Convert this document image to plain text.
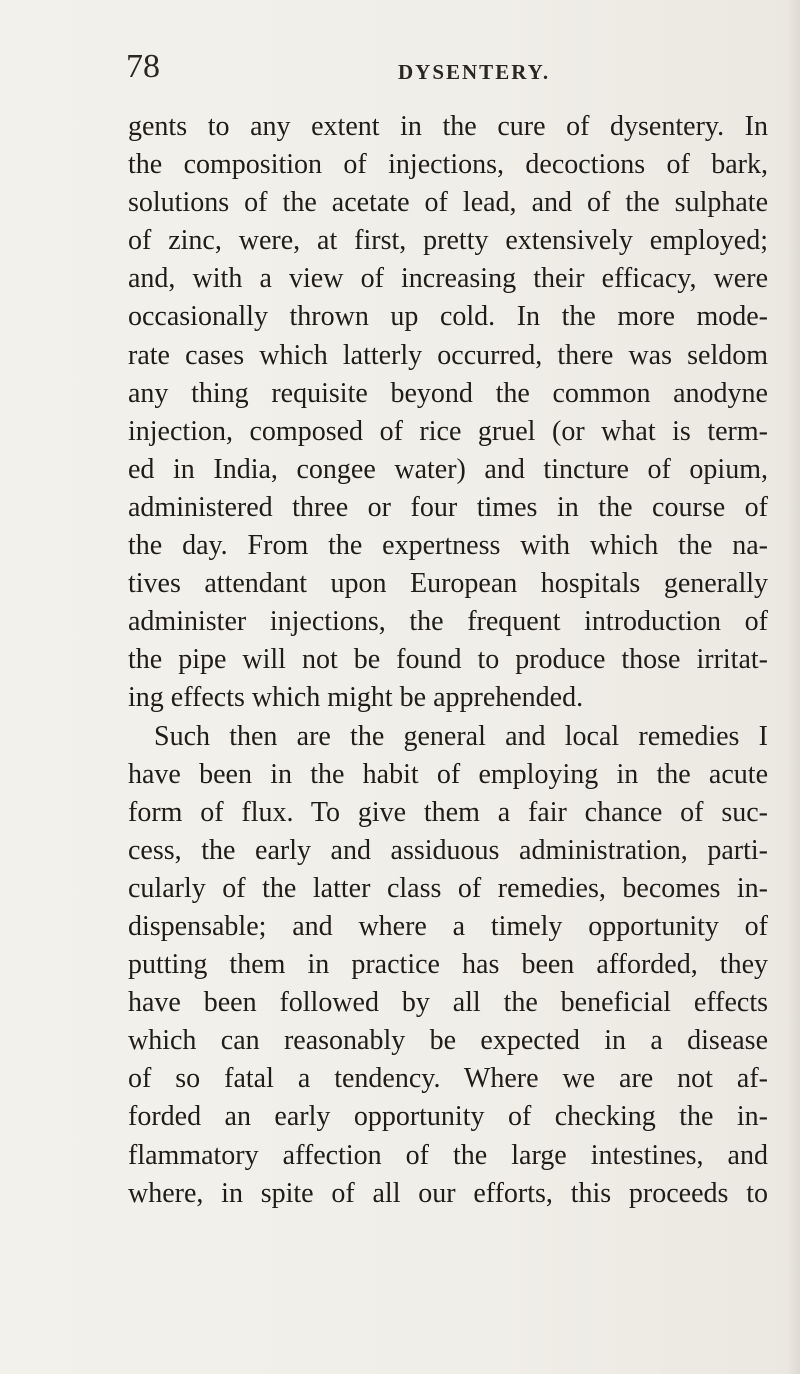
78	DYSENTERY.
gents to any extent in the cure of dysentery. In
the composition of injections, decoctions of bark,
solutions of the acetate of lead, and of the sulphate
of zinc, were, at first, pretty extensively employed;
and, with a view of increasing their efficacy, were
occasionally thrown up cold. In the more mode-
rate cases which latterly occurred, there was seldom
any thing requisite beyond the common anodyne
injection, composed of rice gruel (or what is term-
ed in India, congee water) and tincture of opium,
administered three or four times in the course of
the day. From the expertness with which the na-
tives attendant upon European hospitals generally
administer injections, the frequent introduction of
the pipe will not be found to produce those irritat-
ing effects which might be apprehended.
Such then are the general and local remedies I
have been in the habit of employing in the acute
form of flux. To give them a fair chance of suc-
cess, the early and assiduous administration, parti-
cularly of the latter class of remedies, becomes in-
dispensable; and where a timely opportunity of
putting them in practice has been afforded, they
have been followed by all the beneficial effects
which can reasonably be expected in a disease
of so fatal a tendency. Where we are not af-
forded an early opportunity of checking the in-
flammatory affection of the large intestines, and
where, in spite of all our efforts, this proceeds to
